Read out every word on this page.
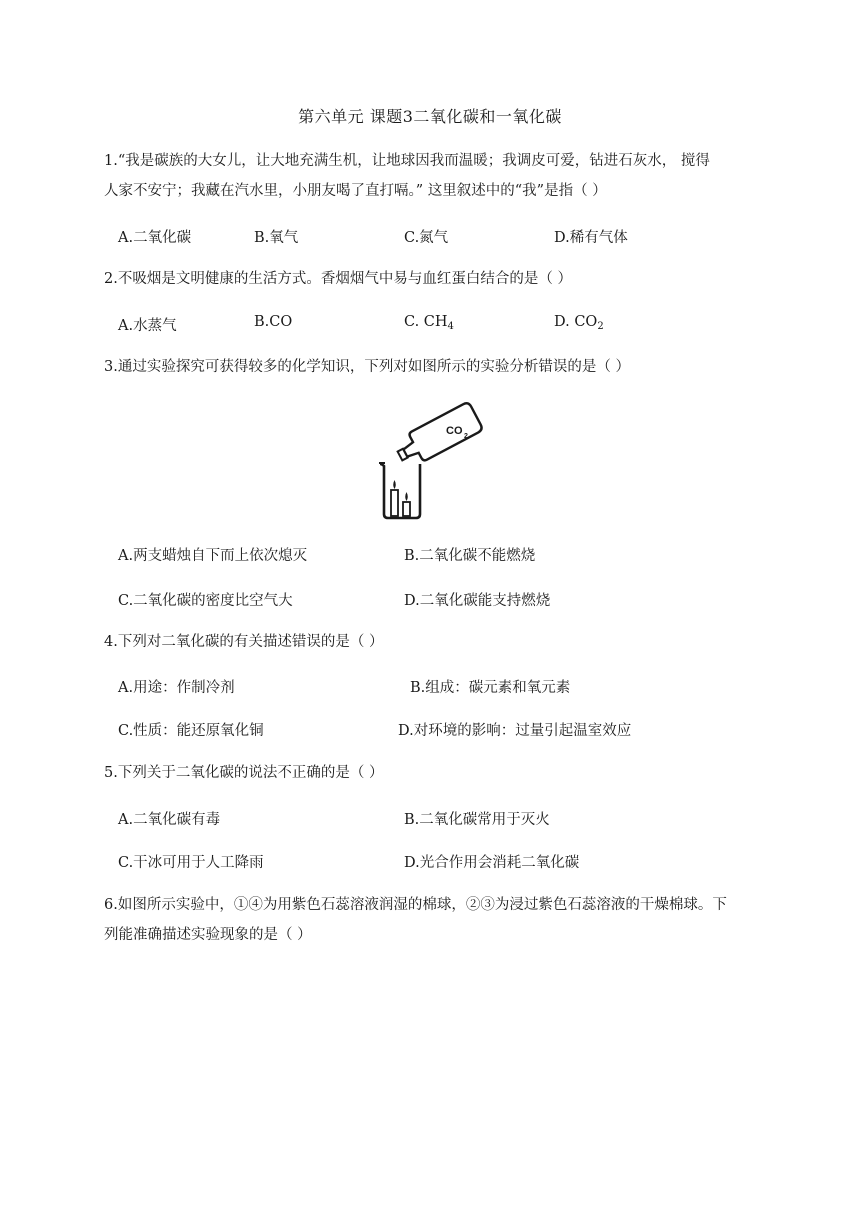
第六单元 课题3二氧化碳和一氧化碳
1.“我是碳族的大女儿，让大地充满生机，让地球因我而温暖；我调皮可爱，钻进石灰水， 搅得
人家不安宁；我藏在汽水里，小朋友喝了直打嗝。” 这里叙述中的“我”是指（ ）
A.二氧化碳	B.氧气	C.氮气	D.稀有气体
2.不吸烟是文明健康的生活方式。香烟烟气中易与血红蛋白结合的是（ ）
A.水蒸气	B.CO	C. $CH_4$	D. $CO_2$
3.通过实验探究可获得较多的化学知识，下列对如图所示的实验分析错误的是（ ）
CO 2
A.两支蜡烛自下而上依次熄灭	B.二氧化碳不能燃烧
C.二氧化碳的密度比空气大	D.二氧化碳能支持燃烧
4.下列对二氧化碳的有关描述错误的是（ ）
A.用途：作制冷剂	B.组成：碳元素和氧元素
C.性质：能还原氧化铜	D.对环境的影响：过量引起温室效应
5.下列关于二氧化碳的说法不正确的是（ ）
A.二氧化碳有毒	B.二氧化碳常用于灭火
C.干冰可用于人工降雨	D.光合作用会消耗二氧化碳
6.如图所示实验中，①④为用紫色石蕊溶液润湿的棉球，②③为浸过紫色石蕊溶液的干燥棉球。下
列能准确描述实验现象的是（ ）
